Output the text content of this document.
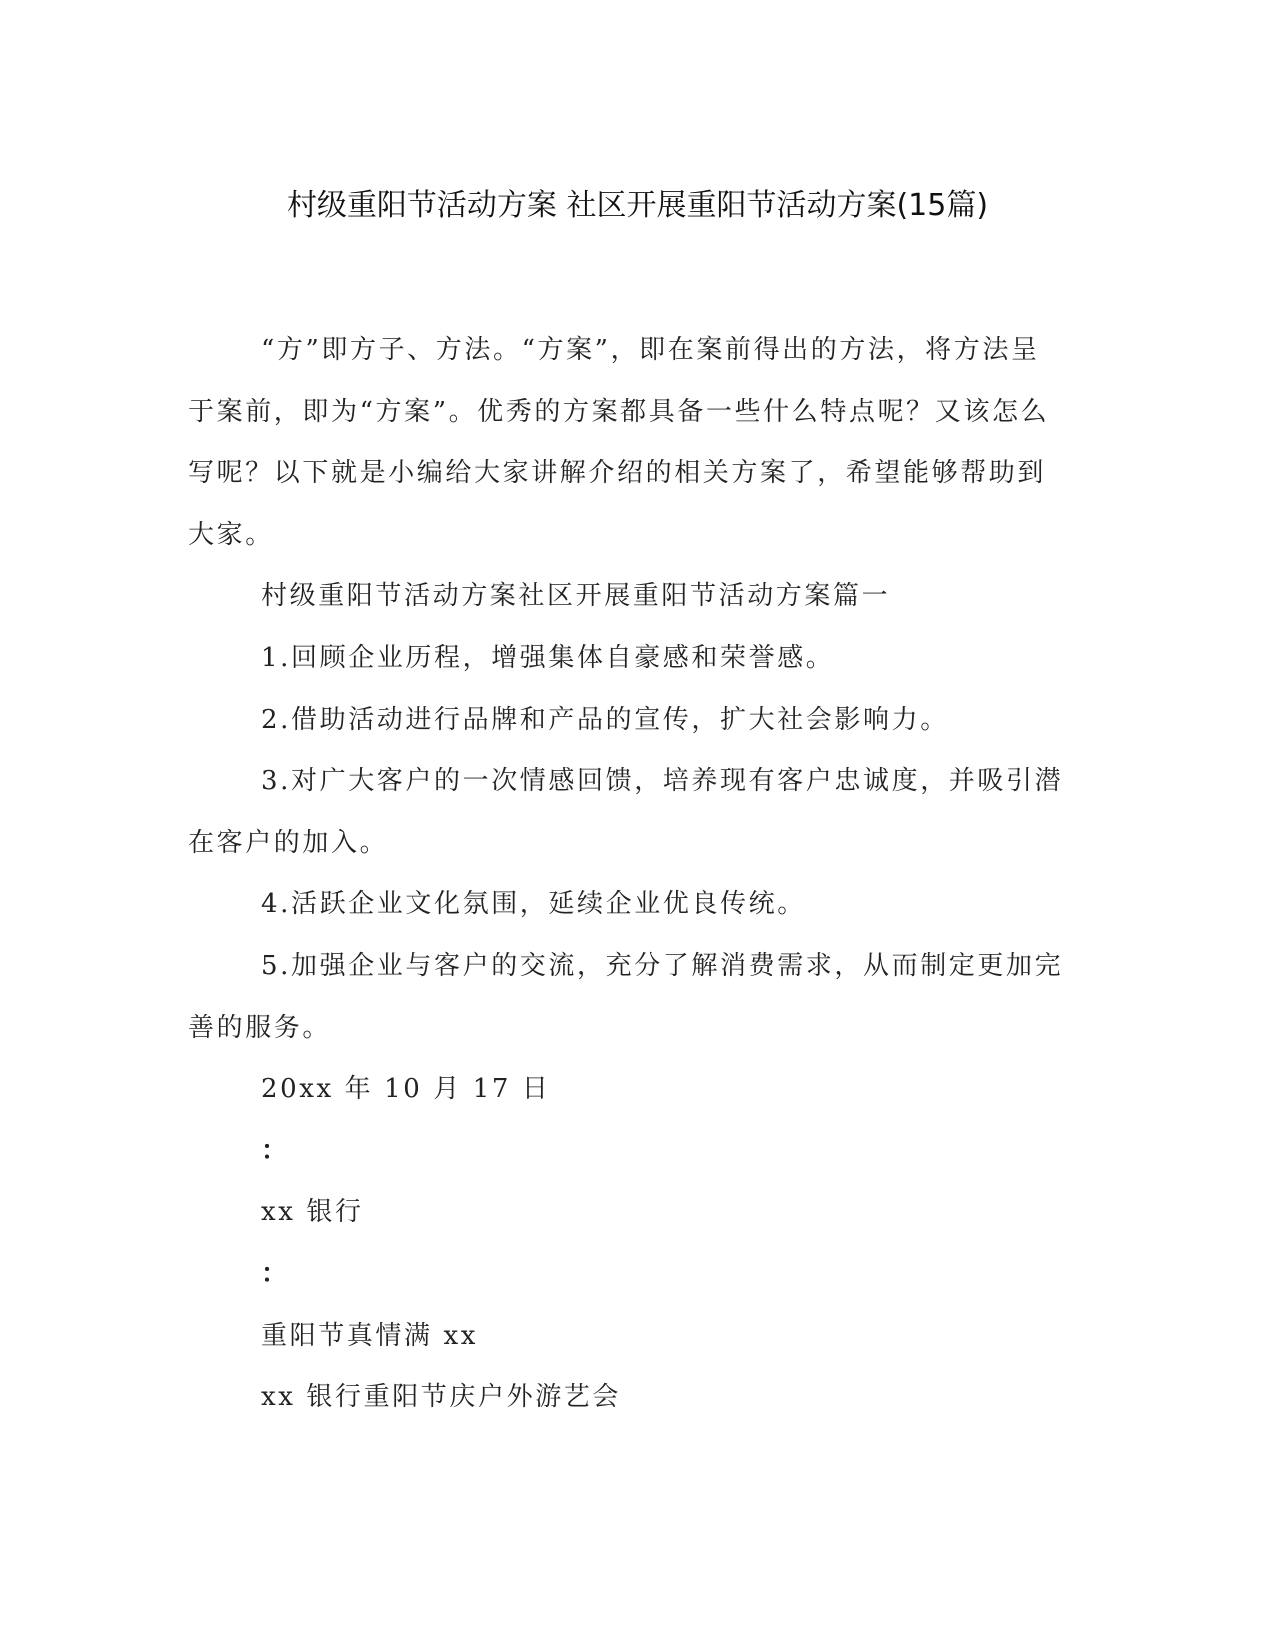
村级重阳节活动方案 社区开展重阳节活动方案(15篇)

“方”即方子、方法。“方案”，即在案前得出的方法，将方法呈于案前，即为“方案”。优秀的方案都具备一些什么特点呢？又该怎么写呢？以下就是小编给大家讲解介绍的相关方案了，希望能够帮助到大家。

村级重阳节活动方案社区开展重阳节活动方案篇一

1.回顾企业历程，增强集体自豪感和荣誉感。

2.借助活动进行品牌和产品的宣传，扩大社会影响力。

3.对广大客户的一次情感回馈，培养现有客户忠诚度，并吸引潜在客户的加入。

4.活跃企业文化氛围，延续企业优良传统。

5.加强企业与客户的交流，充分了解消费需求，从而制定更加完善的服务。

20xx 年 10 月 17 日

：

xx 银行

：

重阳节真情满 xx

xx 银行重阳节庆户外游艺会
